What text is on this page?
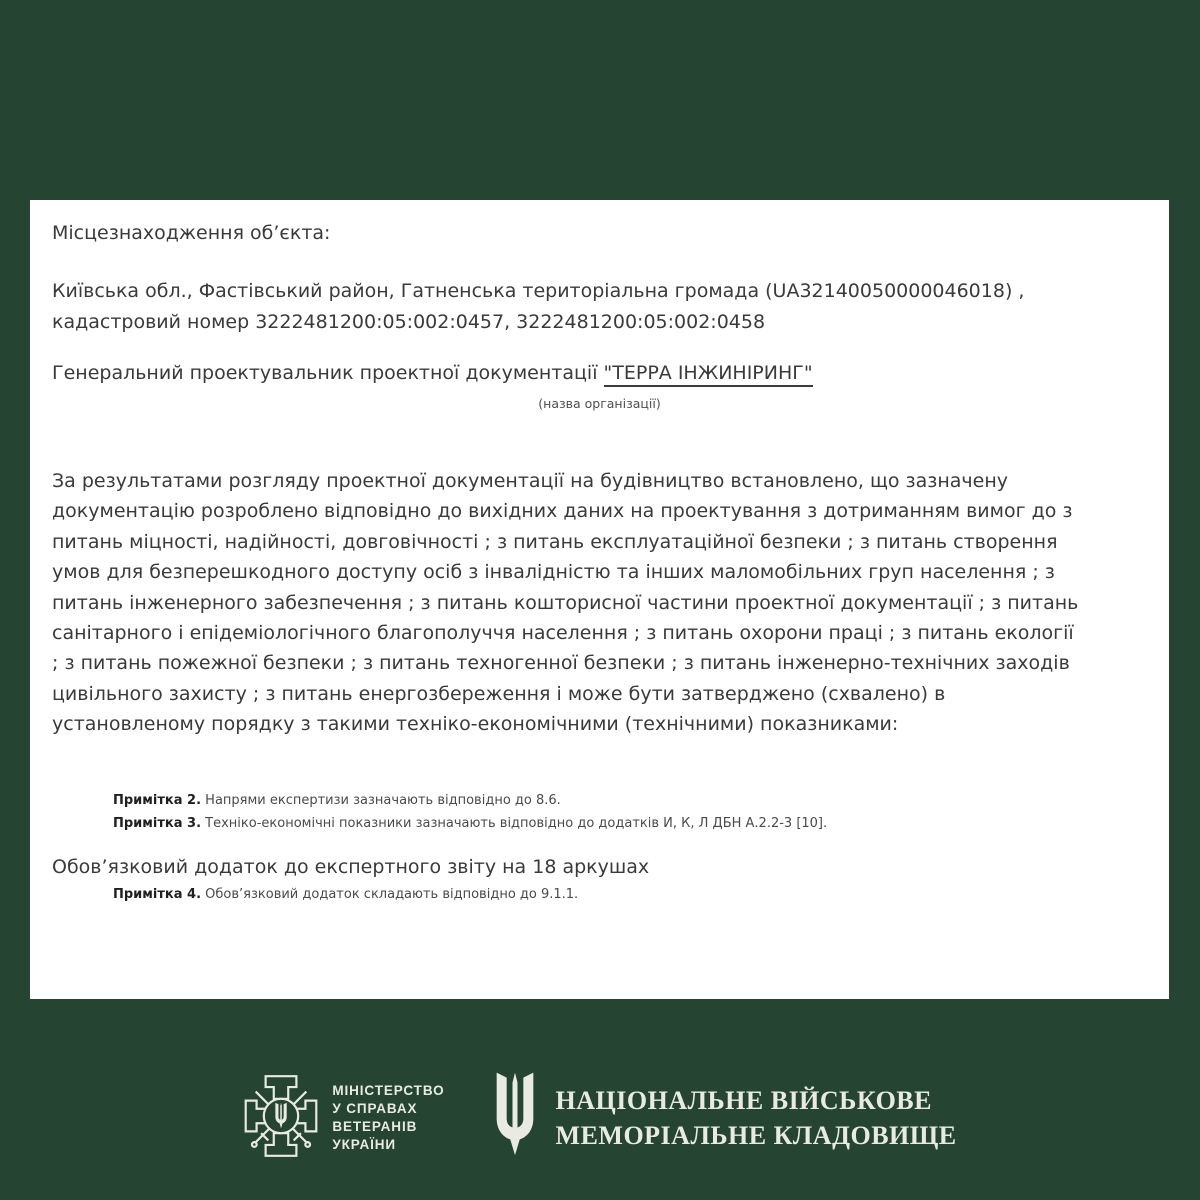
Місцезнаходження об’єкта:
Київська обл., Фастівський район, Гатненська територіальна громада (UA32140050000046018) ,
кадастровий номер 3222481200:05:002:0457, 3222481200:05:002:0458
Генеральний проектувальник проектної документації "ТЕРРА ІНЖИНІРИНГ"
(назва організації)
За результатами розгляду проектної документації на будівництво встановлено, що зазначену
документацію розроблено відповідно до вихідних даних на проектування з дотриманням вимог до з
питань міцності, надійності, довговічності ; з питань експлуатаційної безпеки ; з питань створення
умов для безперешкодного доступу осіб з інвалідністю та інших маломобільних груп населення ; з
питань інженерного забезпечення ; з питань кошторисної частини проектної документації ; з питань
санітарного і епідеміологічного благополуччя населення ; з питань охорони праці ; з питань екології
; з питань пожежної безпеки ; з питань техногенної безпеки ; з питань інженерно-технічних заходів
цивільного захисту ; з питань енергозбереження і може бути затверджено (схвалено) в
установленому порядку з такими техніко-економічними (технічними) показниками:
Примітка 2. Напрями експертизи зазначають відповідно до 8.6.
Примітка 3. Техніко-економічні показники зазначають відповідно до додатків И, К, Л ДБН А.2.2-3 [10].
Обов’язковий додаток до експертного звіту на 18 аркушах
Примітка 4. Обов’язковий додаток складають відповідно до 9.1.1.
МІНІСТЕРСТВО
У СПРАВАХ
ВЕТЕРАНІВ
УКРАЇНИ
НАЦІОНАЛЬНЕ ВІЙСЬКОВЕ
МЕМОРІАЛЬНЕ КЛАДОВИЩЕ
